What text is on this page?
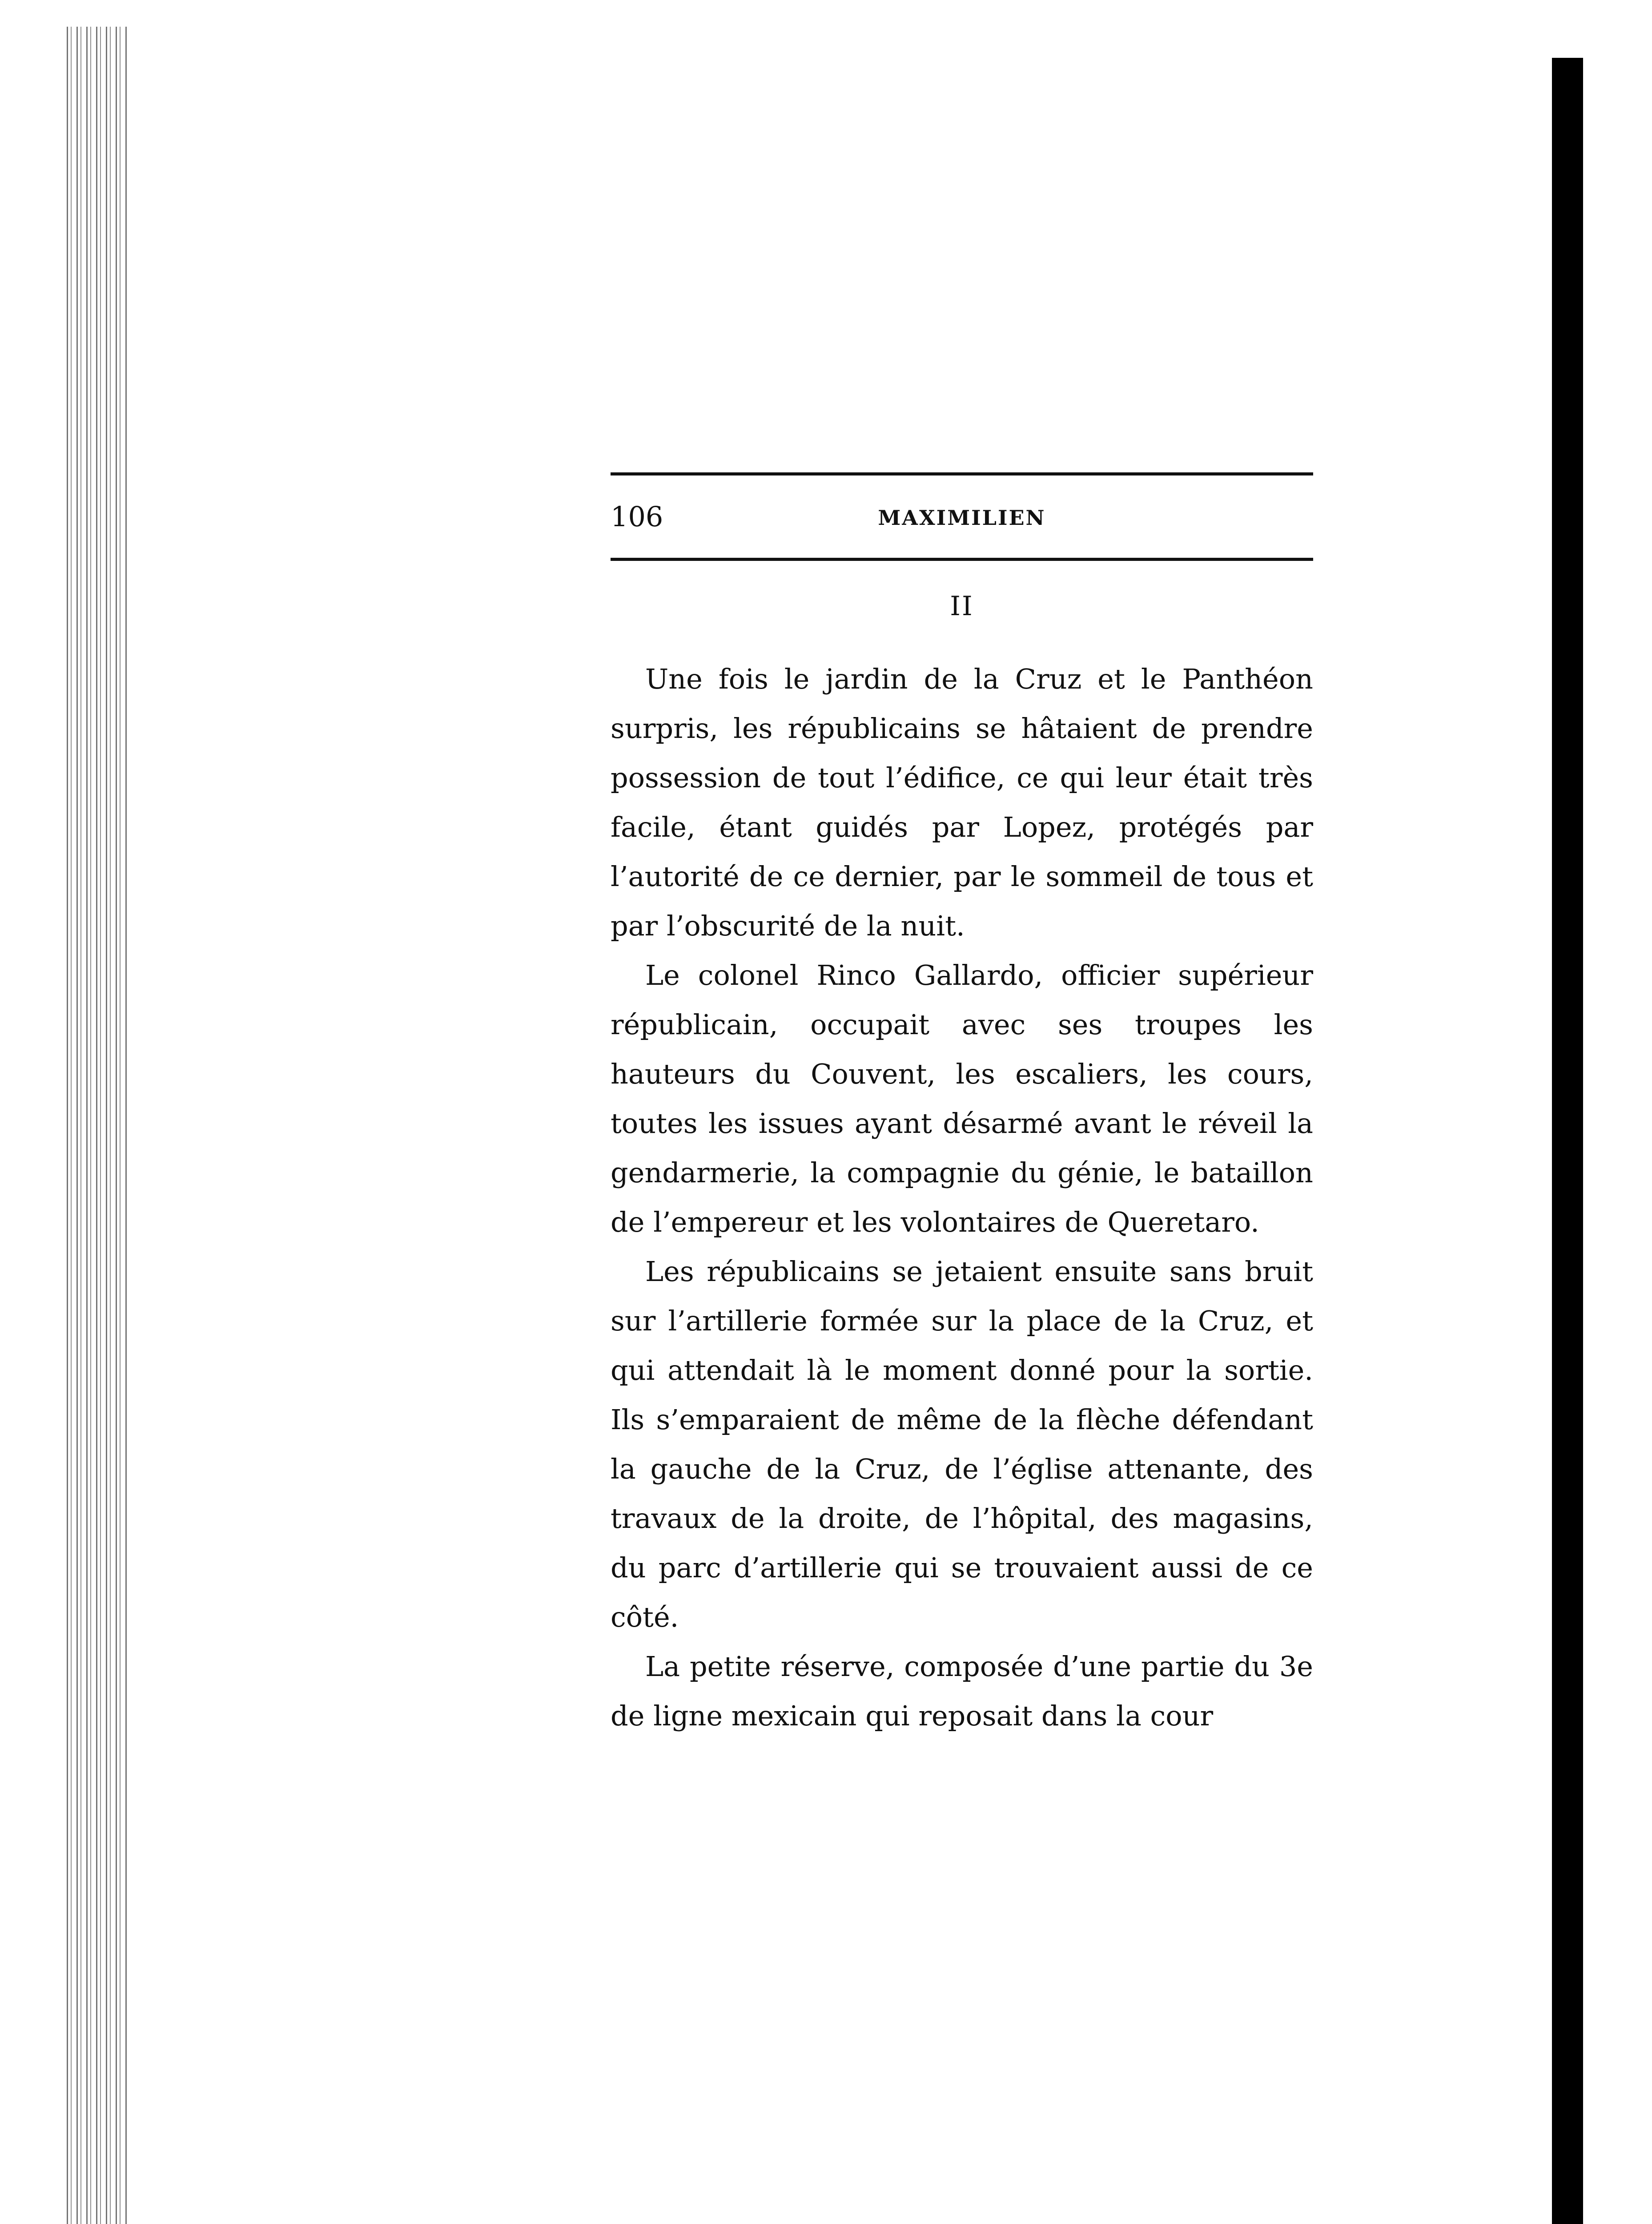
106	MAXIMILIEN
II

Une fois le jardin de la Cruz et le Panthéon surpris, les républicains se hâtaient de prendre possession de tout l’édifice, ce qui leur était très facile, étant guidés par Lopez, protégés par l’autorité de ce dernier, par le sommeil de tous et par l’obscurité de la nuit.

Le colonel Rinco Gallardo, officier supérieur républicain, occupait avec ses troupes les hauteurs du Couvent, les escaliers, les cours, toutes les issues ayant désarmé avant le réveil la gendarmerie, la compagnie du génie, le bataillon de l’empereur et les volontaires de Queretaro.

Les républicains se jetaient ensuite sans bruit sur l’artillerie formée sur la place de la Cruz, et qui attendait là le moment donné pour la sortie. Ils s’emparaient de même de la flèche défendant la gauche de la Cruz, de l’église attenante, des travaux de la droite, de l’hôpital, des magasins, du parc d’artillerie qui se trouvaient aussi de ce côté.

La petite réserve, composée d’une partie du 3e de ligne mexicain qui reposait dans la cour
